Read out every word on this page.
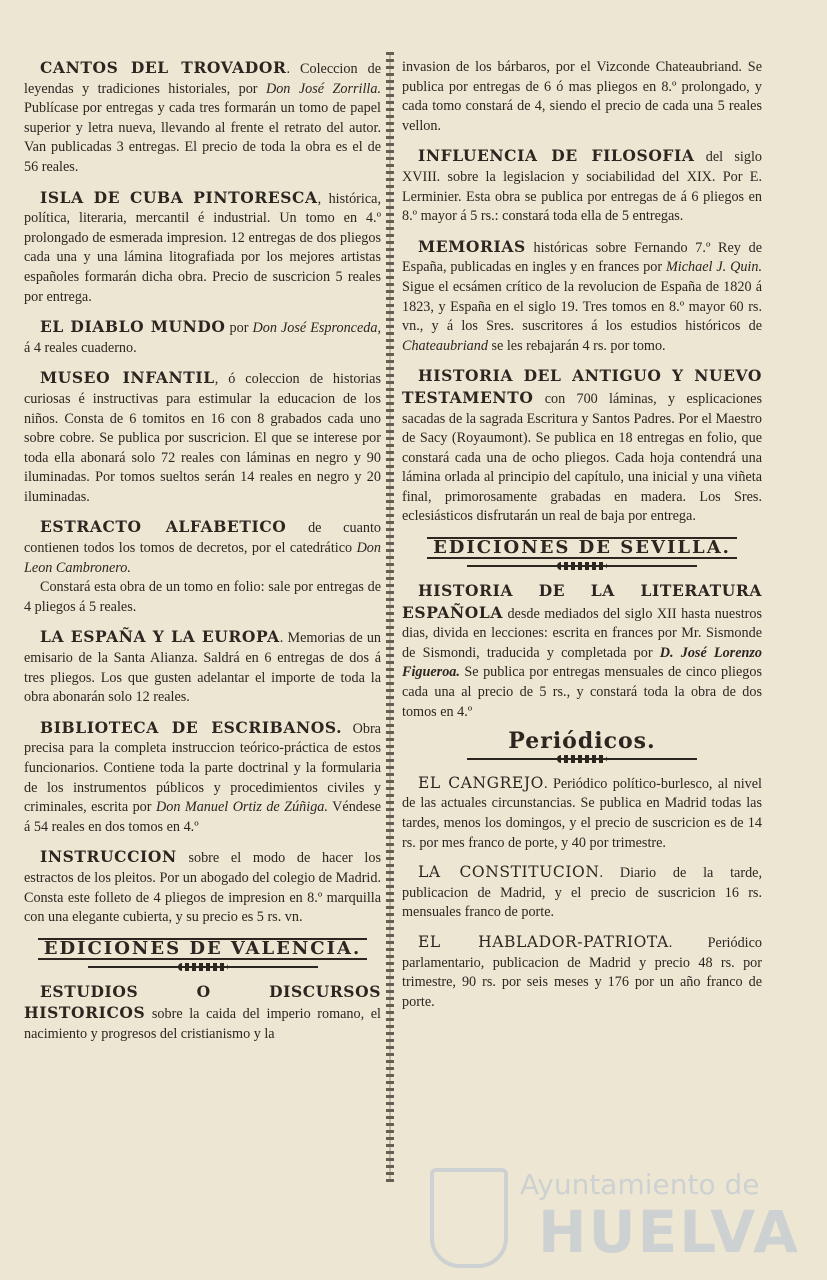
CANTOS DEL TROVADOR. Coleccion de leyendas y tradiciones historiales, por Don José Zorrilla. Publícase por entregas y cada tres formarán un tomo de papel superior y letra nueva, llevando al frente el retrato del autor. Van publicadas 3 entregas. El precio de toda la obra es el de 56 reales.

ISLA DE CUBA PINTORESCA, histórica, política, literaria, mercantil é industrial. Un tomo en 4.º prolongado de esmerada impresion. 12 entregas de dos pliegos cada una y una lámina litografiada por los mejores artistas españoles formarán dicha obra. Precio de suscricion 5 reales por entrega.

EL DIABLO MUNDO por Don José Espronceda, á 4 reales cuaderno.

MUSEO INFANTIL, ó coleccion de historias curiosas é instructivas para estimular la educacion de los niños. Consta de 6 tomitos en 16 con 8 grabados cada uno sobre cobre. Se publica por suscricion. El que se interese por toda ella abonará solo 72 reales con láminas en negro y 90 iluminadas. Por tomos sueltos serán 14 reales en negro y 20 iluminadas.

ESTRACTO ALFABETICO de cuanto contienen todos los tomos de decretos, por el catedrático Don Leon Cambronero.

Constará esta obra de un tomo en folio: sale por entregas de 4 pliegos á 5 reales.

LA ESPAÑA Y LA EUROPA. Memorias de un emisario de la Santa Alianza. Saldrá en 6 entregas de dos á tres pliegos. Los que gusten adelantar el importe de toda la obra abonarán solo 12 reales.

BIBLIOTECA DE ESCRIBANOS. Obra precisa para la completa instruccion teórico-práctica de estos funcionarios. Contiene toda la parte doctrinal y la formularia de los instrumentos públicos y procedimientos civiles y criminales, escrita por Don Manuel Ortiz de Zúñiga. Véndese á 54 reales en dos tomos en 4.º

INSTRUCCION sobre el modo de hacer los estractos de los pleitos. Por un abogado del colegio de Madrid. Consta este folleto de 4 pliegos de impresion en 8.º marquilla con una elegante cubierta, y su precio es 5 rs. vn.

EDICIONES DE VALENCIA.

ESTUDIOS O DISCURSOS HISTORICOS sobre la caida del imperio romano, el nacimiento y progresos del cristianismo y la

invasion de los bárbaros, por el Vizconde Chateaubriand. Se publica por entregas de 6 ó mas pliegos en 8.º prolongado, y cada tomo constará de 4, siendo el precio de cada una 5 reales vellon.

INFLUENCIA DE FILOSOFIA del siglo XVIII. sobre la legislacion y sociabilidad del XIX. Por E. Lerminier. Esta obra se publica por entregas de á 6 pliegos en 8.º mayor á 5 rs.: constará toda ella de 5 entregas.

MEMORIAS históricas sobre Fernando 7.º Rey de España, publicadas en ingles y en frances por Michael J. Quin. Sigue el ecsámen crítico de la revolucion de España de 1820 á 1823, y España en el siglo 19. Tres tomos en 8.º mayor 60 rs. vn., y á los Sres. suscritores á los estudios históricos de Chateaubriand se les rebajarán 4 rs. por tomo.

HISTORIA DEL ANTIGUO Y NUEVO TESTAMENTO con 700 láminas, y esplicaciones sacadas de la sagrada Escritura y Santos Padres. Por el Maestro de Sacy (Royaumont). Se publica en 18 entregas en folio, que constará cada una de ocho pliegos. Cada hoja contendrá una lámina orlada al principio del capítulo, una inicial y una viñeta final, primorosamente grabadas en madera. Los Sres. eclesiásticos disfrutarán un real de baja por entrega.

EDICIONES DE SEVILLA.

HISTORIA DE LA LITERATURA ESPAÑOLA desde mediados del siglo XII hasta nuestros dias, divida en lecciones: escrita en frances por Mr. Sismonde de Sismondi, traducida y completada por D. José Lorenzo Figueroa. Se publica por entregas mensuales de cinco pliegos cada una al precio de 5 rs., y constará toda la obra de dos tomos en 4.º

Periódicos.

EL CANGREJO. Periódico político-burlesco, al nivel de las actuales circunstancias. Se publica en Madrid todas las tardes, menos los domingos, y el precio de suscricion es de 14 rs. por mes franco de porte, y 40 por trimestre.

LA CONSTITUCION. Diario de la tarde, publicacion de Madrid, y el precio de suscricion 16 rs. mensuales franco de porte.

EL HABLADOR-PATRIOTA. Periódico parlamentario, publicacion de Madrid y precio 48 rs. por trimestre, 90 rs. por seis meses y 176 por un año franco de porte.

Ayuntamiento de
HUELVA
